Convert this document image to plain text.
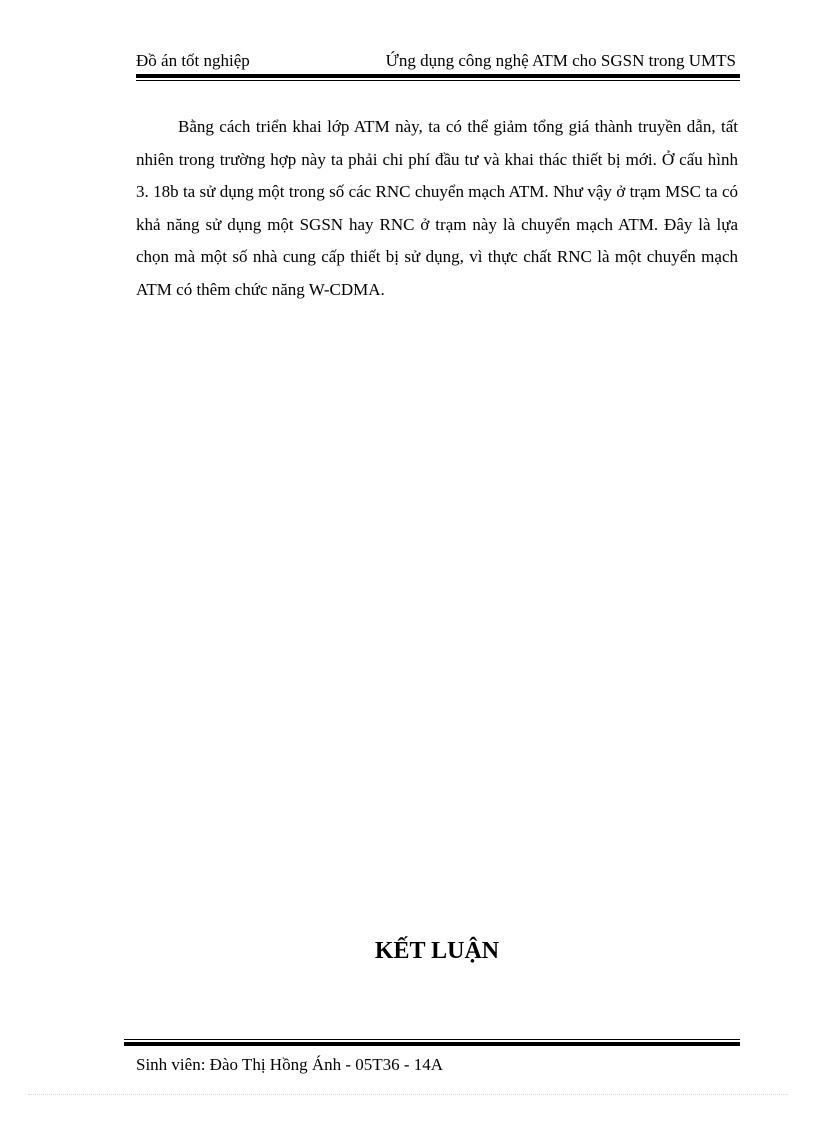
Đồ án tốt nghiệp	Ứng dụng công nghệ ATM cho SGSN trong UMTS

Bằng cách triển khai lớp ATM này, ta có thể giảm tổng giá thành truyền dẫn, tất nhiên trong trường hợp này ta phải chi phí đầu tư và khai thác thiết bị mới. Ở cấu hình 3. 18b ta sử dụng một trong số các RNC chuyển mạch ATM. Như vậy ở trạm MSC ta có khả năng sử dụng một SGSN hay RNC ở trạm này là chuyển mạch ATM. Đây là lựa chọn mà một số nhà cung cấp thiết bị sử dụng, vì thực chất RNC là một chuyển mạch ATM có thêm chức năng W-CDMA.

KẾT LUẬN
Sinh viên: Đào Thị Hồng Ánh - 05T36 - 14A
